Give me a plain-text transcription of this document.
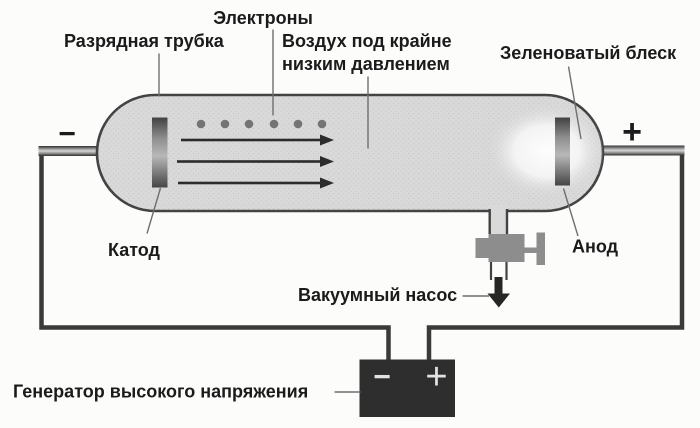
− +
−	+
Электроны
Разрядная трубка	Воздух под крайне
низким давлением
Зеленоватый блеск
Катод	Анод
Вакуумный насос
Генератор высокого напряжения
